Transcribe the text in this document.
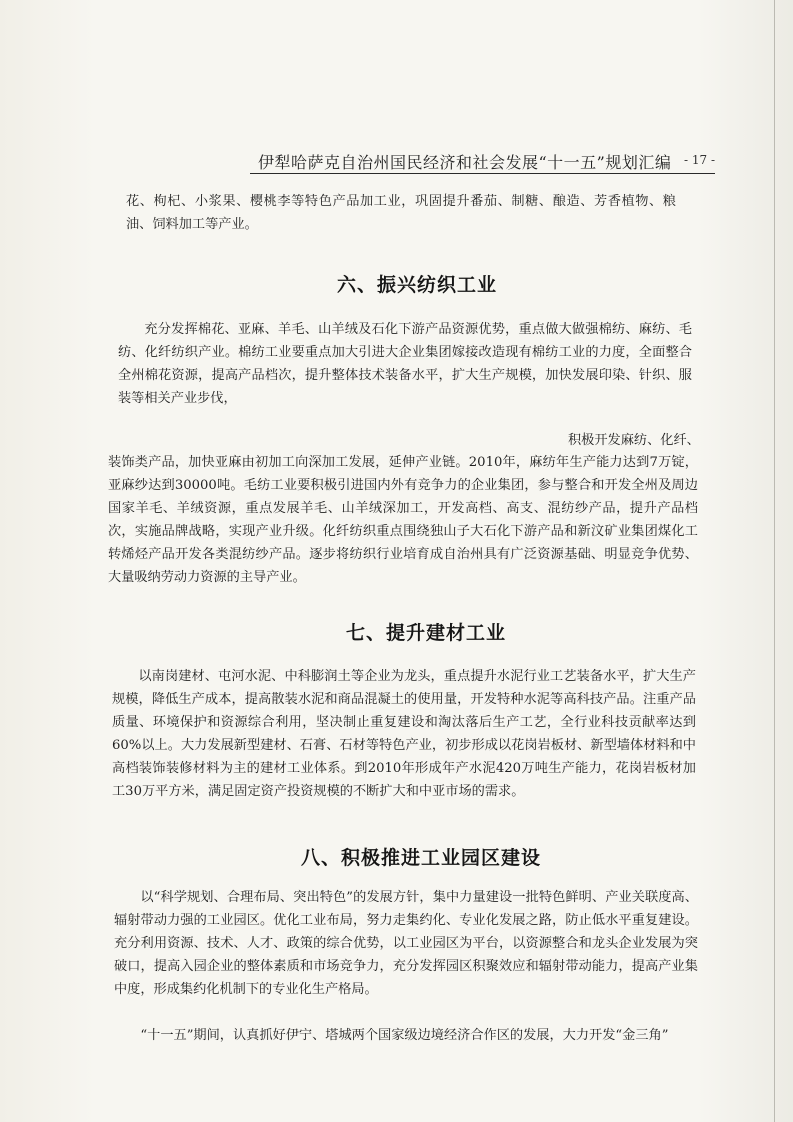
伊犁哈萨克自治州国民经济和社会发展“十一五”规划汇编 - 17 -
花、枸杞、小浆果、樱桃李等特色产品加工业，巩固提升番茄、制糖、酿造、芳香植物、粮油、饲料加工等产业。
六、振兴纺织工业
充分发挥棉花、亚麻、羊毛、山羊绒及石化下游产品资源优势，重点做大做强棉纺、麻纺、毛纺、化纤纺织产业。棉纺工业要重点加大引进大企业集团嫁接改造现有棉纺工业的力度，全面整合全州棉花资源，提高产品档次，提升整体技术装备水平，扩大生产规模，加快发展印染、针织、服装等相关产业步伐，
积极开发麻纺、化纤、
装饰类产品，加快亚麻由初加工向深加工发展，延伸产业链。2010年，麻纺年生产能力达到7万锭，亚麻纱达到30000吨。毛纺工业要积极引进国内外有竞争力的企业集团，参与整合和开发全州及周边国家羊毛、羊绒资源，重点发展羊毛、山羊绒深加工，开发高档、高支、混纺纱产品，提升产品档次，实施品牌战略，实现产业升级。化纤纺织重点围绕独山子大石化下游产品和新汶矿业集团煤化工转烯烃产品开发各类混纺纱产品。逐步将纺织行业培育成自治州具有广泛资源基础、明显竞争优势、大量吸纳劳动力资源的主导产业。
七、提升建材工业
以南岗建材、屯河水泥、中科膨润土等企业为龙头，重点提升水泥行业工艺装备水平，扩大生产规模，降低生产成本，提高散装水泥和商品混凝土的使用量，开发特种水泥等高科技产品。注重产品质量、环境保护和资源综合利用，坚决制止重复建设和淘汰落后生产工艺，全行业科技贡献率达到60%以上。大力发展新型建材、石膏、石材等特色产业，初步形成以花岗岩板材、新型墙体材料和中高档装饰装修材料为主的建材工业体系。到2010年形成年产水泥420万吨生产能力，花岗岩板材加工30万平方米，满足固定资产投资规模的不断扩大和中亚市场的需求。
八、积极推进工业园区建设
以“科学规划、合理布局、突出特色”的发展方针，集中力量建设一批特色鲜明、产业关联度高、辐射带动力强的工业园区。优化工业布局，努力走集约化、专业化发展之路，防止低水平重复建设。充分利用资源、技术、人才、政策的综合优势，以工业园区为平台，以资源整合和龙头企业发展为突破口，提高入园企业的整体素质和市场竞争力，充分发挥园区积聚效应和辐射带动能力，提高产业集中度，形成集约化机制下的专业化生产格局。
“十一五”期间，认真抓好伊宁、塔城两个国家级边境经济合作区的发展，大力开发“金三角”
